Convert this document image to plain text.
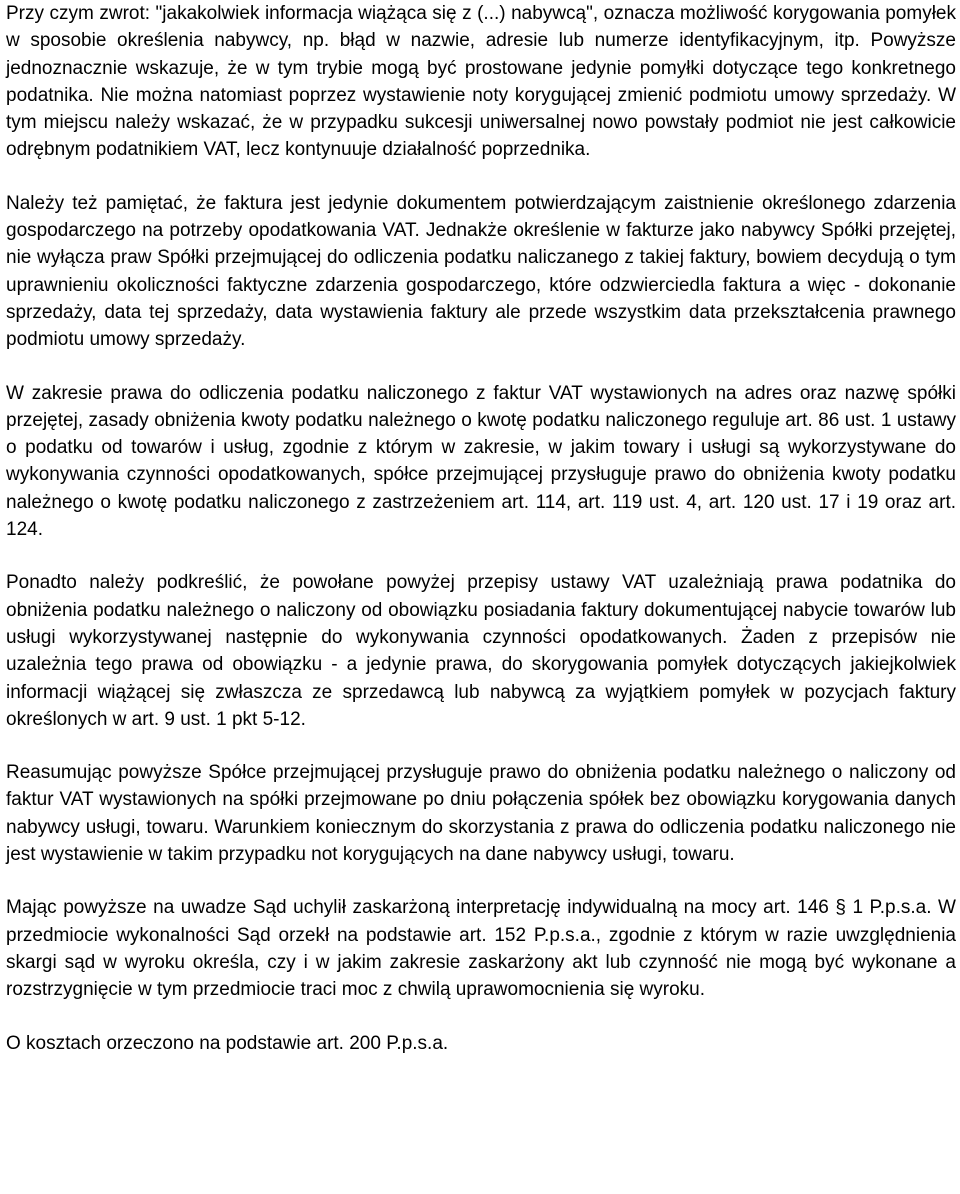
Przy czym zwrot: "jakakolwiek informacja wiążąca się z (...) nabywcą", oznacza możliwość korygowania pomyłek w sposobie określenia nabywcy, np. błąd w nazwie, adresie lub numerze identyfikacyjnym, itp. Powyższe jednoznacznie wskazuje, że w tym trybie mogą być prostowane jedynie pomyłki dotyczące tego konkretnego podatnika. Nie można natomiast poprzez wystawienie noty korygującej zmienić podmiotu umowy sprzedaży. W tym miejscu należy wskazać, że w przypadku sukcesji uniwersalnej nowo powstały podmiot nie jest całkowicie odrębnym podatnikiem VAT, lecz kontynuuje działalność poprzednika.

Należy też pamiętać, że faktura jest jedynie dokumentem potwierdzającym zaistnienie określonego zdarzenia gospodarczego na potrzeby opodatkowania VAT. Jednakże określenie w fakturze jako nabywcy Spółki przejętej, nie wyłącza praw Spółki przejmującej do odliczenia podatku naliczanego z takiej faktury, bowiem decydują o tym uprawnieniu okoliczności faktyczne zdarzenia gospodarczego, które odzwierciedla faktura a więc - dokonanie sprzedaży, data tej sprzedaży, data wystawienia faktury ale przede wszystkim data przekształcenia prawnego podmiotu umowy sprzedaży.

W zakresie prawa do odliczenia podatku naliczonego z faktur VAT wystawionych na adres oraz nazwę spółki przejętej, zasady obniżenia kwoty podatku należnego o kwotę podatku naliczonego reguluje art. 86 ust. 1 ustawy o podatku od towarów i usług, zgodnie z którym w zakresie, w jakim towary i usługi są wykorzystywane do wykonywania czynności opodatkowanych, spółce przejmującej przysługuje prawo do obniżenia kwoty podatku należnego o kwotę podatku naliczonego z zastrzeżeniem art. 114, art. 119 ust. 4, art. 120 ust. 17 i 19 oraz art. 124.

Ponadto należy podkreślić, że powołane powyżej przepisy ustawy VAT uzależniają prawa podatnika do obniżenia podatku należnego o naliczony od obowiązku posiadania faktury dokumentującej nabycie towarów lub usługi wykorzystywanej następnie do wykonywania czynności opodatkowanych. Żaden z przepisów nie uzależnia tego prawa od obowiązku - a jedynie prawa, do skorygowania pomyłek dotyczących jakiejkolwiek informacji wiążącej się zwłaszcza ze sprzedawcą lub nabywcą za wyjątkiem pomyłek w pozycjach faktury określonych w art. 9 ust. 1 pkt 5-12.

Reasumując powyższe Spółce przejmującej przysługuje prawo do obniżenia podatku należnego o naliczony od faktur VAT wystawionych na spółki przejmowane po dniu połączenia spółek bez obowiązku korygowania danych nabywcy usługi, towaru. Warunkiem koniecznym do skorzystania z prawa do odliczenia podatku naliczonego nie jest wystawienie w takim przypadku not korygujących na dane nabywcy usługi, towaru.

Mając powyższe na uwadze Sąd uchylił zaskarżoną interpretację indywidualną na mocy art. 146 § 1 P.p.s.a. W przedmiocie wykonalności Sąd orzekł na podstawie art. 152 P.p.s.a., zgodnie z którym w razie uwzględnienia skargi sąd w wyroku określa, czy i w jakim zakresie zaskarżony akt lub czynność nie mogą być wykonane a rozstrzygnięcie w tym przedmiocie traci moc z chwilą uprawomocnienia się wyroku.

O kosztach orzeczono na podstawie art. 200 P.p.s.a.
